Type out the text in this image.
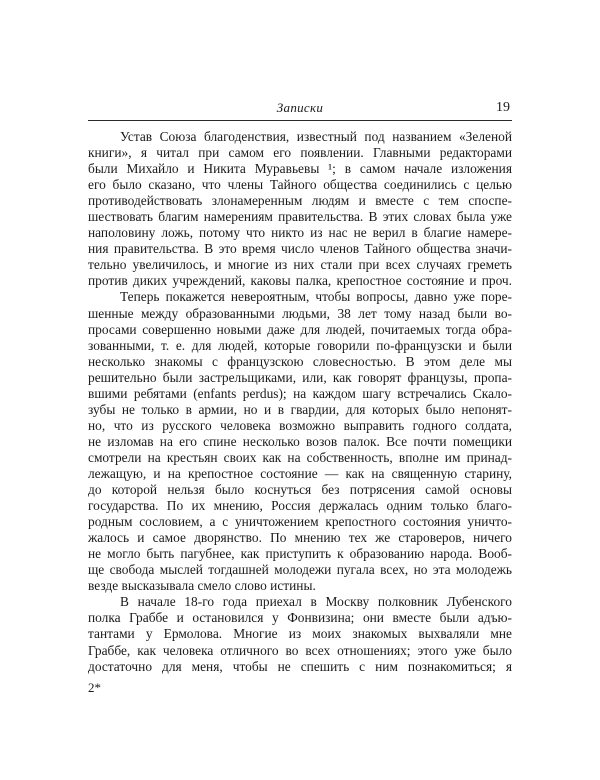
Записки	19
Устав Союза благоденствия, известный под названием «Зеленой
книги», я читал при самом его появлении. Главными редакторами
были Михайло и Никита Муравьевы ¹; в самом начале изложения
его было сказано, что члены Тайного общества соединились с целью
противодействовать злонамеренным людям и вместе с тем споспе-
шествовать благим намерениям правительства. В этих словах была уже
наполовину ложь, потому что никто из нас не верил в благие намере-
ния правительства. В это время число членов Тайного общества значи-
тельно увеличилось, и многие из них стали при всех случаях греметь
против диких учреждений, каковы палка, крепостное состояние и проч.
Теперь покажется невероятным, чтобы вопросы, давно уже поре-
шенные между образованными людьми, 38 лет тому назад были во-
просами совершенно новыми даже для людей, почитаемых тогда обра-
зованными, т. е. для людей, которые говорили по-французски и были
несколько знакомы с французскою словесностью. В этом деле мы
решительно были застрельщиками, или, как говорят французы, пропа-
вшими ребятами (enfants perdus); на каждом шагу встречались Скало-
зубы не только в армии, но и в гвардии, для которых было непонят-
но, что из русского человека возможно выправить годного солдата,
не изломав на его спине несколько возов палок. Все почти помещики
смотрели на крестьян своих как на собственность, вполне им принад-
лежащую, и на крепостное состояние — как на священную старину,
до которой нельзя было коснуться без потрясения самой основы
государства. По их мнению, Россия держалась одним только благо-
родным сословием, а с уничтожением крепостного состояния уничто-
жалось и самое дворянство. По мнению тех же староверов, ничего
не могло быть пагубнее, как приступить к образованию народа. Вооб-
ще свобода мыслей тогдашней молодежи пугала всех, но эта молодежь
везде высказывала смело слово истины.
В начале 18-го года приехал в Москву полковник Лубенского
полка Граббе и остановился у Фонвизина; они вместе были адъю-
тантами у Ермолова. Многие из моих знакомых выхваляли мне
Граббе, как человека отличного во всех отношениях; этого уже было
достаточно для меня, чтобы не спешить с ним познакомиться; я
2*
